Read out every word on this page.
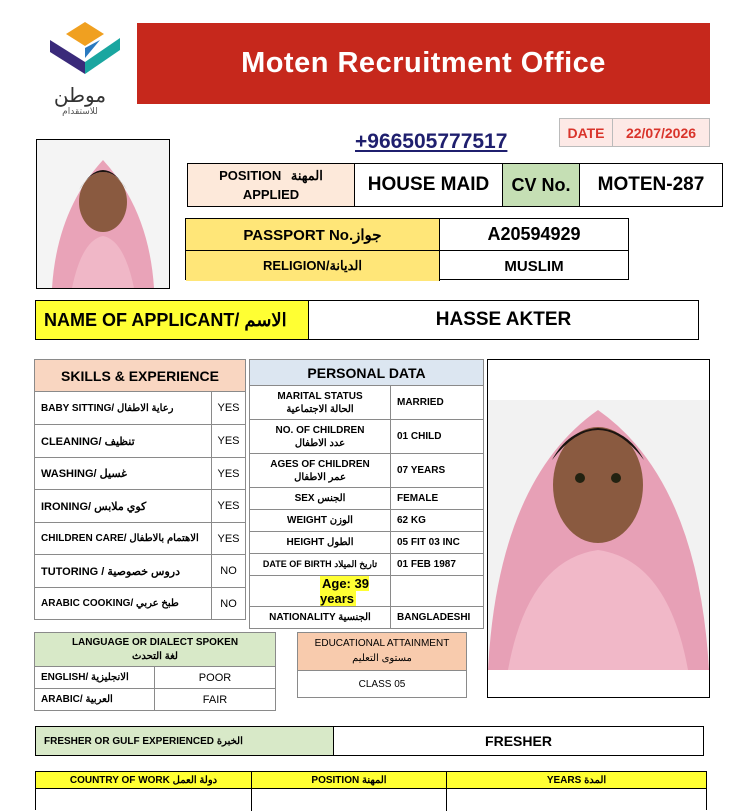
موطن
للاستقدام
Moten Recruitment Office
+966505777517	DATE	22/07/2026
POSITION المهنة
APPLIED	HOUSE MAID	CV No.	MOTEN-287
PASSPORT No.جواز	A20594929
RELIGION/الديانة	MUSLIM
NAME OF APPLICANT/ الاسم	HASSE AKTER
SKILLS & EXPERIENCE	
BABY SITTING/ رعاية الاطفال	YES
CLEANING/ تنظيف	YES
WASHING/ غسيل	YES
IRONING/ كوي ملابس	YES
CHILDREN CARE/ الاهتمام بالاطفال	YES
TUTORING / دروس خصوصية	NO
ARABIC COOKING/ طبخ عربي	NO
PERSONAL DATA	

MARITAL STATUS
الحالة الاجتماعية	MARRIED

NO. OF CHILDREN
عدد الاطفال	01 CHILD

AGES OF CHILDREN
عمر الاطفال	07 YEARS
SEX الجنس	FEMALE
WEIGHT الوزن	62 KG
HEIGHT الطول	05 FIT 03 INC
DATE OF BIRTH تاريخ الميلاد	01 FEB 1987
Age: 39 years	
NATIONALITY الجنسية	BANGLADESHI
LANGUAGE OR DIALECT SPOKEN
لغة التحدث	

ENGLISH/ الانجليزية	POOR
ARABIC/ العربية	FAIR
EDUCATIONAL ATTAINMENT
مستوى التعليم
CLASS 05
FRESHER OR GULF EXPERIENCED الخبرة	FRESHER
COUNTRY OF WORK دولة العمل	POSITION المهنة	YEARS المدة
